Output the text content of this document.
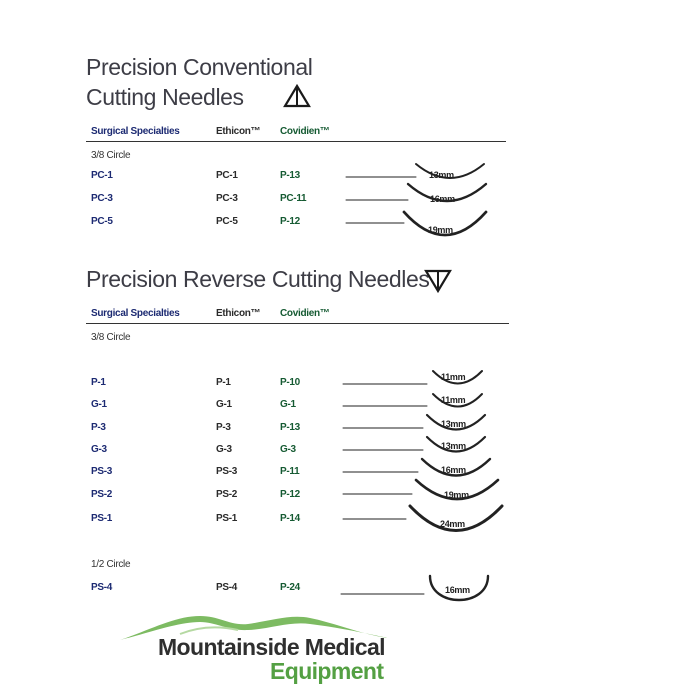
Precision Conventional
Cutting Needles
Surgical Specialties	Ethicon™ Covidien™
3/8 Circle
PC-1	PC-1	P-13
PC-3	PC-3	PC-11
PC-5	PC-5	P-12
Precision Reverse Cutting Needles
Surgical Specialties	Ethicon™ Covidien™
3/8 Circle
P-1	P-1	P-10
G-1	G-1	G-1
P-3	P-3	P-13
G-3	G-3	G-3
PS-3	PS-3	P-11
PS-2	PS-2	P-12
PS-1	PS-1	P-14
1/2 Circle
PS-4	PS-4	P-24
13mm
16mm
19mm
11mm
11mm
13mm
13mm
16mm
19mm
24mm
16mm
Mountainside Medical
Equipment
